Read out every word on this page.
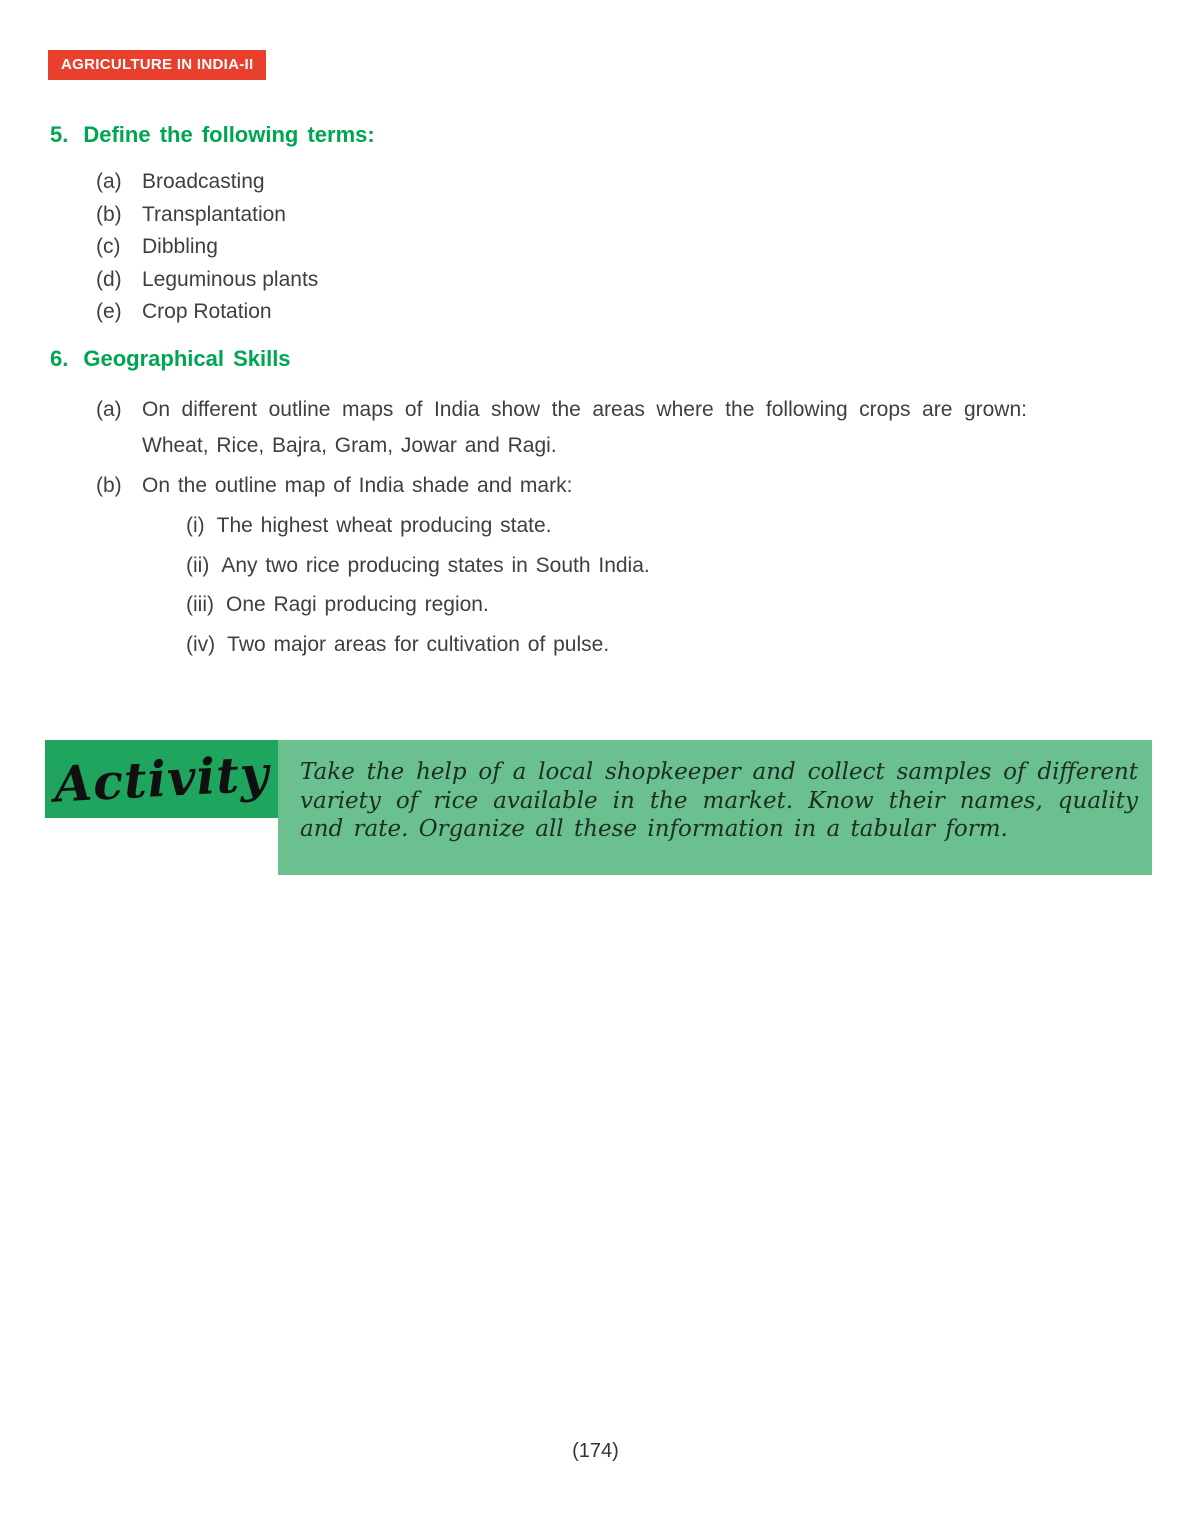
AGRICULTURE IN INDIA-II
5. Define the following terms:
(a) Broadcasting
(b) Transplantation
(c)	Dibbling
(d) Leguminous plants
(e) Crop Rotation
6. Geographical Skills
(a) On different outline maps of India show the areas where the following crops are grown: Wheat, Rice, Bajra, Gram, Jowar and Ragi.
(b) On the outline map of India shade and mark:
(i) The highest wheat producing state.
(ii) Any two rice producing states in South India.
(iii) One Ragi producing region.
(iv) Two major areas for cultivation of pulse.
Activity Take the help of a local shopkeeper and collect samples of different variety of rice available in the market. Know their names, quality and rate. Organize all these information in a tabular form.

(174)
